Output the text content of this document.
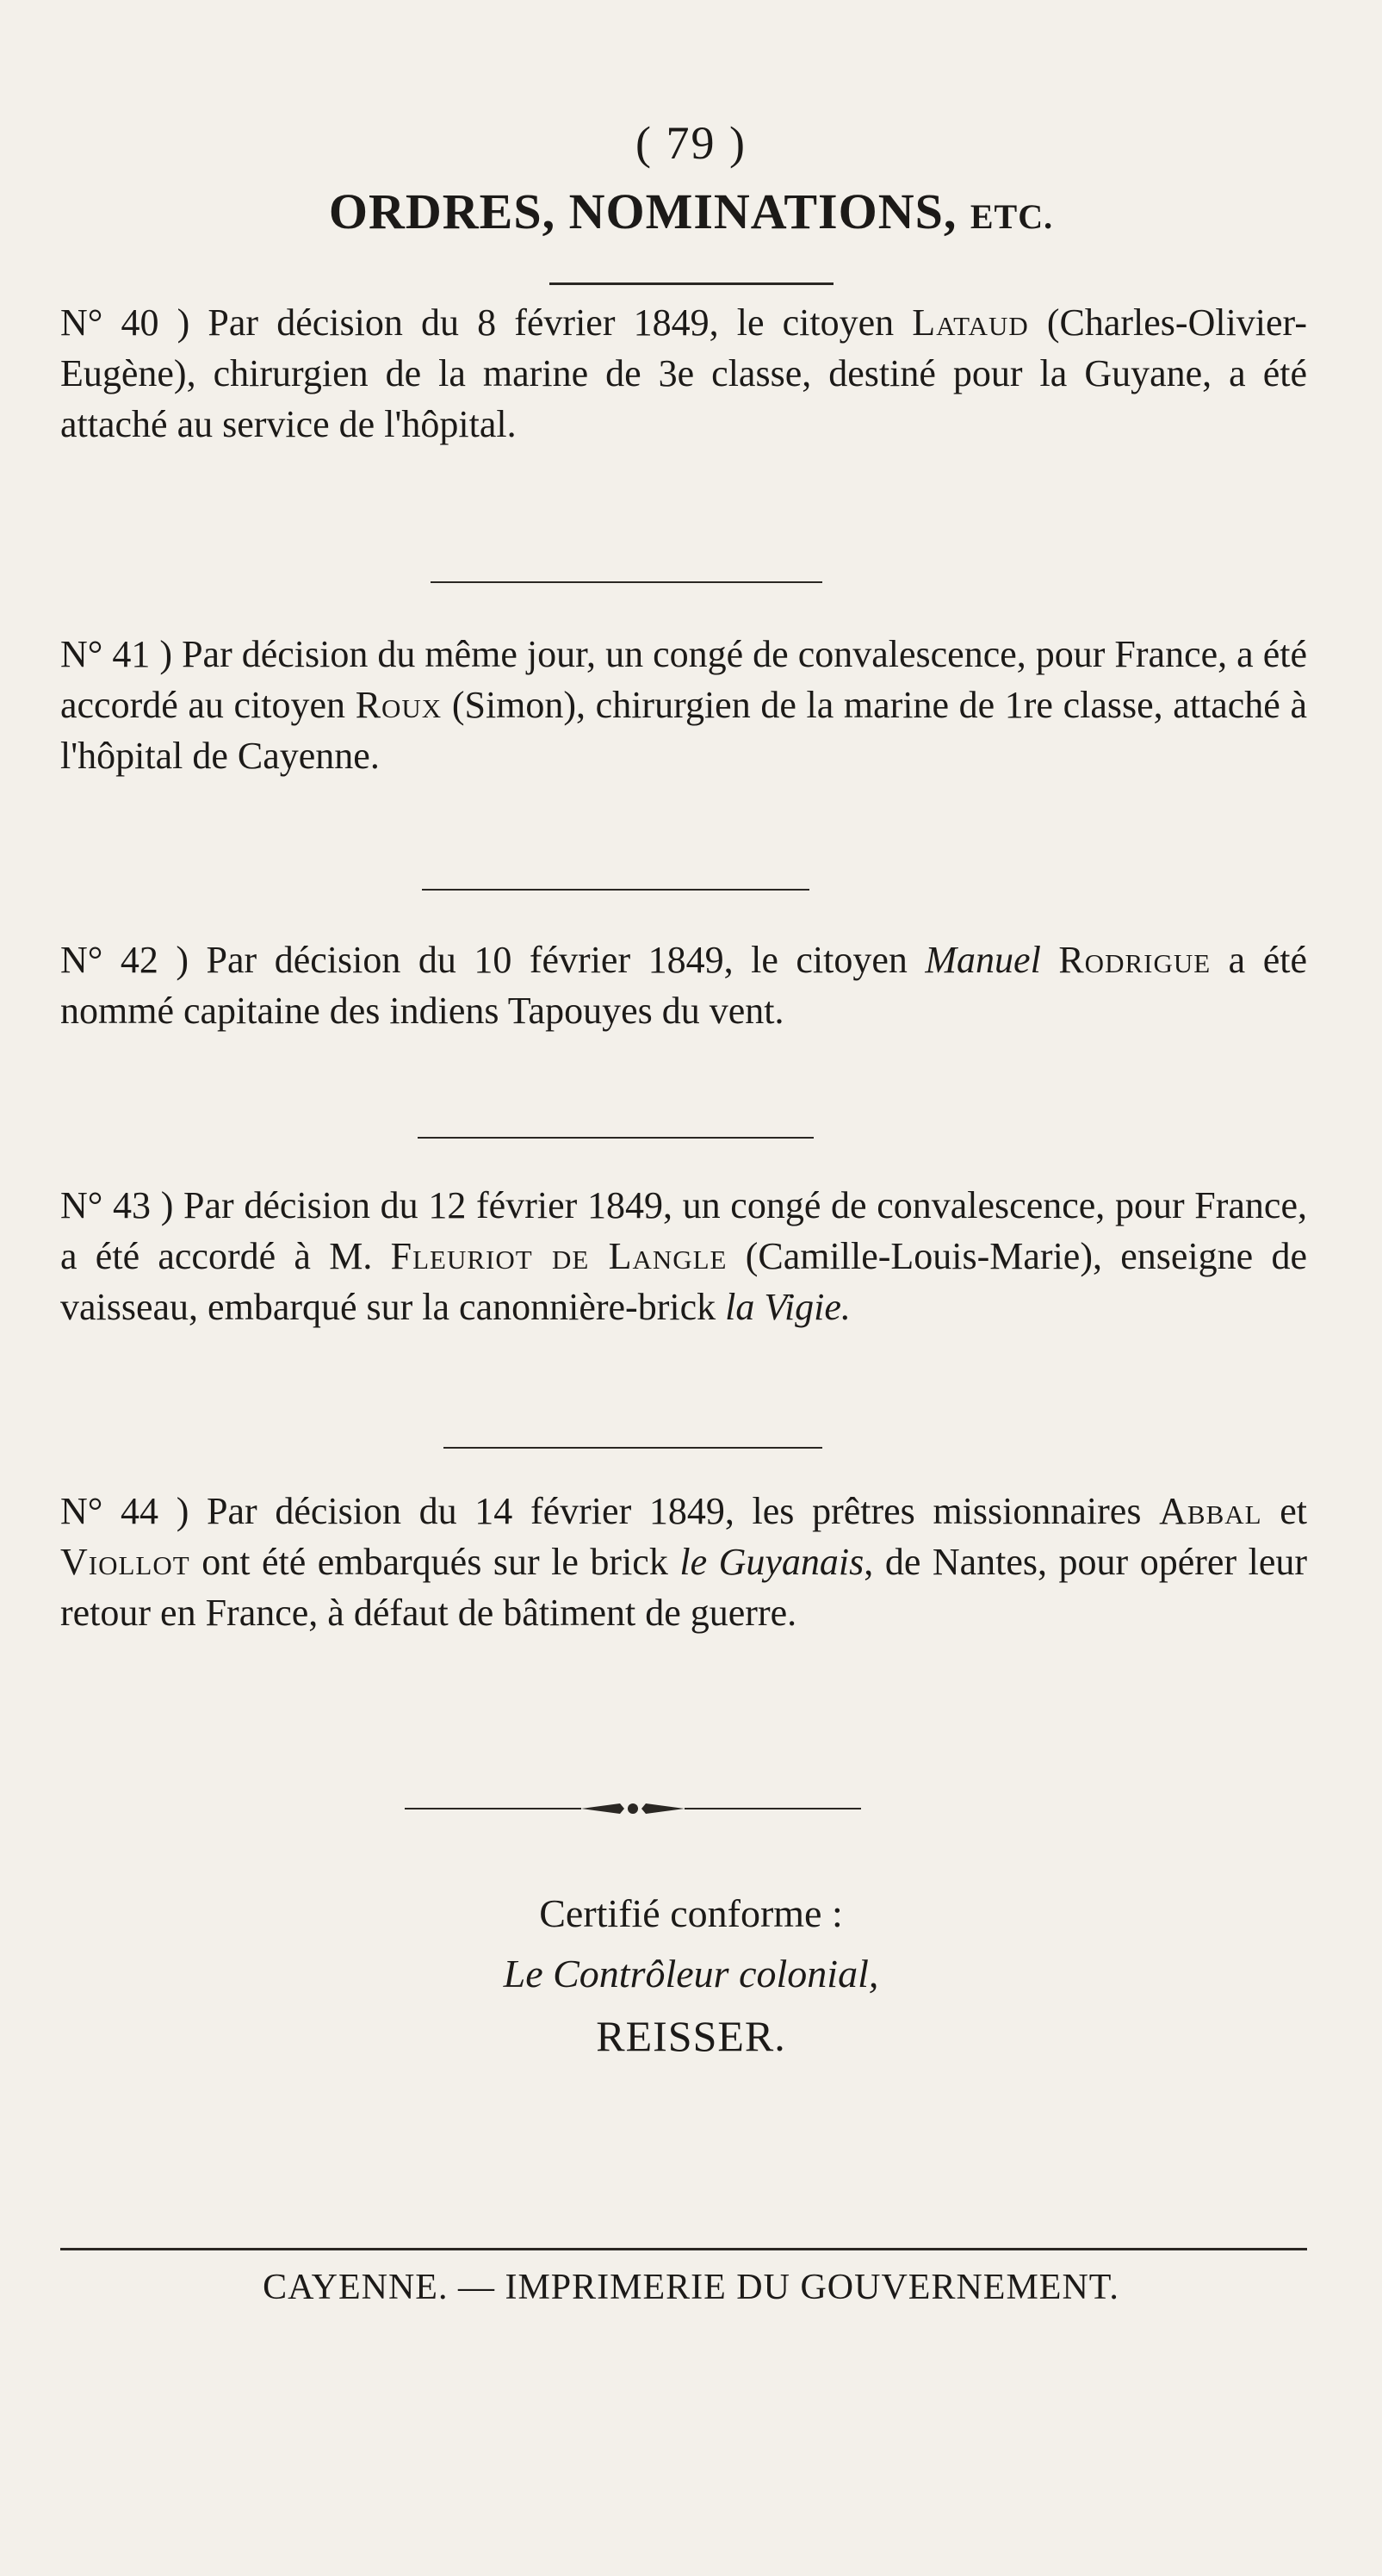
( 79 )
ORDRES, NOMINATIONS, ETC.
N° 40 ) Par décision du 8 février 1849, le citoyen Lataud (Charles-Olivier-Eugène), chirurgien de la marine de 3e classe, destiné pour la Guyane, a été attaché au service de l'hôpital.
N° 41 ) Par décision du même jour, un congé de convalescence, pour France, a été accordé au citoyen Roux (Simon), chirurgien de la marine de 1re classe, attaché à l'hôpital de Cayenne.
N° 42 ) Par décision du 10 février 1849, le citoyen Manuel Rodrigue a été nommé capitaine des indiens Tapouyes du vent.
N° 43 ) Par décision du 12 février 1849, un congé de convalescence, pour France, a été accordé à M. Fleuriot de Langle (Camille-Louis-Marie), enseigne de vaisseau, embarqué sur la canonnière-brick la Vigie.
N° 44 ) Par décision du 14 février 1849, les prêtres missionnaires Abbal et Viollot ont été embarqués sur le brick le Guyanais, de Nantes, pour opérer leur retour en France, à défaut de bâtiment de guerre.
Certifié conforme :
Le Contrôleur colonial,
REISSER.
CAYENNE. — IMPRIMERIE DU GOUVERNEMENT.
